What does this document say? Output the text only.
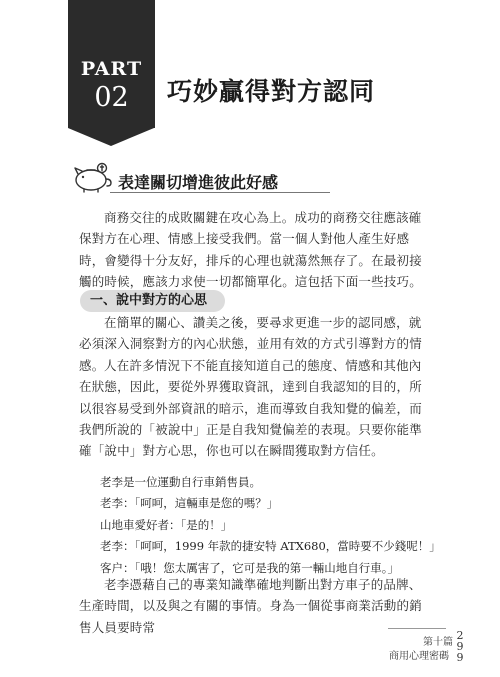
PART
02	巧妙贏得對方認同
表達關切增進彼此好感

商務交往的成敗關鍵在攻心為上。成功的商務交往應該確保對方在心理、情感上接受我們。當一個人對他人產生好感時，會變得十分友好，排斥的心理也就蕩然無存了。在最初接觸的時候，應該力求使一切都簡單化。這包括下面一些技巧。

一、說中對方的心思

在簡單的關心、讚美之後，要尋求更進一步的認同感，就必須深入洞察對方的內心狀態，並用有效的方式引導對方的情感。 人在許多情況下不能直接知道自己的態度、情感和其他內在狀態，因此，要從外界獲取資訊，達到自我認知的目的，所以很容易受到外部資訊的暗示，進而導致自我知覺的偏差，而我們所說的「被說中」正是自我知覺偏差的表現。只要你能準確「說中」對方心思，你也可以在瞬間獲取對方信任。

老李是一位運動自行車銷售員。
老李：「呵呵，這輛車是您的嗎？」
山地車愛好者：「是的！」
老李：「呵呵，1999 年款的捷安特 ATX680，當時要不少錢呢！」
客户：「哦！您太厲害了，它可是我的第一輛山地自行車。」

老李憑藉自己的專業知識準確地判斷出對方車子的品牌、生產時間，以及與之有關的事情。身為一個從事商業活動的銷售人員要時常

第十篇
商用心理密碼
2
9
9
